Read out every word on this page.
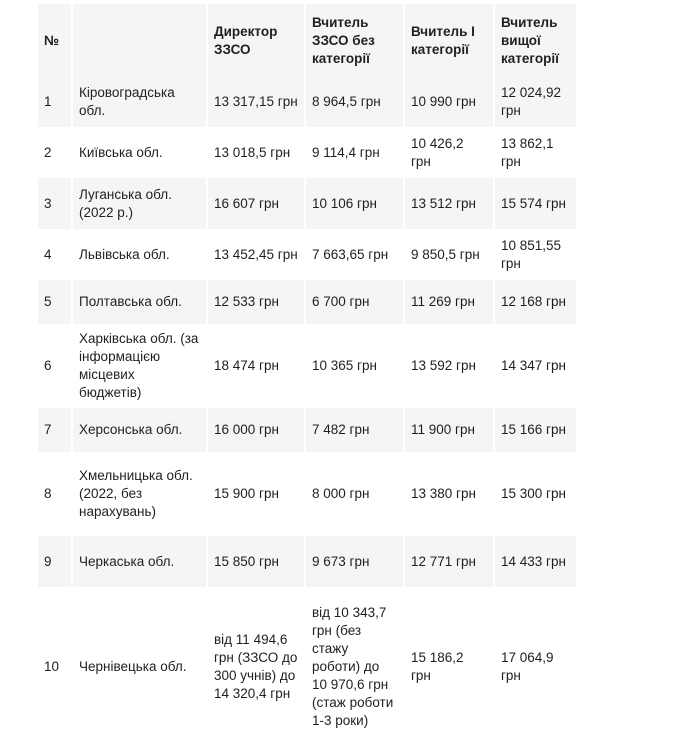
№		Директор ЗЗСО	Вчитель ЗЗСО без категорії	Вчитель I категорії	Вчитель вищої категорії
1	Кіровоградська обл.	13 317,15 грн	8 964,5 грн	10 990 грн	12 024,92 грн
2	Київська обл.	13 018,5 грн	9 114,4 грн	10 426,2 грн	13 862,1 грн
3	Луганська обл. (2022 р.)	16 607 грн	10 106 грн	13 512 грн	15 574 грн
4	Львівська обл.	13 452,45 грн	7 663,65 грн	9 850,5 грн	10 851,55 грн
5	Полтавська обл.	12 533 грн	6 700 грн	11 269 грн	12 168 грн
6	Харківська обл. (за інформацією місцевих бюджетів)	18 474 грн	10 365 грн	13 592 грн	14 347 грн
7	Херсонська обл.	16 000 грн	7 482 грн	11 900 грн	15 166 грн
8	Хмельницька обл. (2022, без нарахувань)	15 900 грн	8 000 грн	13 380 грн	15 300 грн
9	Черкаська обл.	15 850 грн	9 673 грн	12 771 грн	14 433 грн
10	Чернівецька обл.	від 11 494,6 грн (ЗЗСО до 300 учнів) до 14 320,4 грн	від 10 343,7 грн (без стажу роботи) до 10 970,6 грн (стаж роботи 1-3 роки)	15 186,2 грн	17 064,9 грн
